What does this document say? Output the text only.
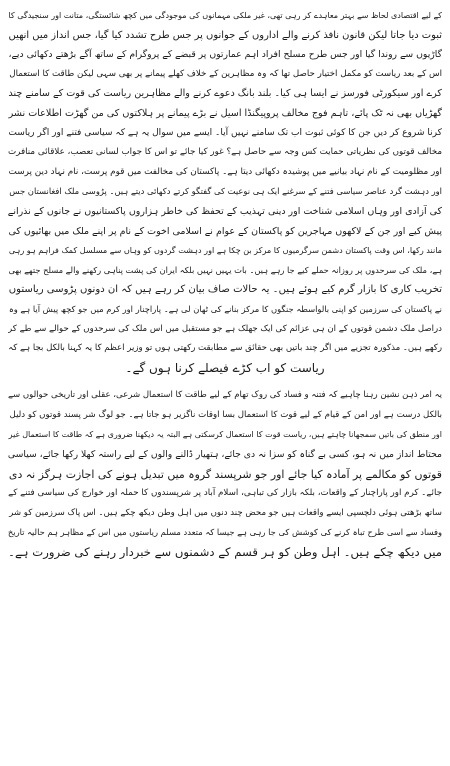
کے لیے اقتصادی لحاظ سے بہتر معاہدے کر رہی تھی، غیر ملکی مہمانوں کی موجودگی میں کچھ شائستگی، متانت اور سنجیدگی کا
ثبوت دیا جاتا لیکن قانون نافذ کرنے والے اداروں کے جوانوں پر جس طرح تشدد کیا گیا، جس انداز میں انھیں
گاڑیوں سے روندا گیا اور جس طرح مسلح افراد اہم عمارتوں پر قبضے کے پروگرام کے ساتھ آگے بڑھتے دکھائی دیے،
اس کے بعد ریاست کو مکمل اختیار حاصل تھا کہ وہ مظاہرین کے خلاف کھلے پیمانے پر بھی سہی لیکن طاقت کا استعمال
کرے اور سیکورٹی فورسز نے ایسا ہی کیا۔ بلند بانگ دعوے کرنے والے مظاہرین ریاست کی قوت کے سامنے چند
گھڑیاں بھی نہ ٹک پائے، تاہم فوج مخالف پروپیگنڈا اسیل نے بڑے پیمانے پر ہلاکتوں کی من گھڑت اطلاعات نشر
کرنا شروع کر دیں جن کا کوئی ثبوت اب تک سامنے نہیں آیا۔ ایسے میں سوال یہ ہے کہ سیاسی فتنے اور اگر ریاست
مخالف قوتوں کی نظریاتی حمایت کس وجہ سے حاصل ہے؟ غور کیا جائے تو اس کا جواب لسانی تعصب، علاقائی منافرت
اور مظلومیت کے نام نہاد بیانیے میں پوشیدہ دکھائی دیتا ہے۔ پاکستان کی مخالفت میں قوم پرست، نام نہاد دین پرست
اور دہشت گرد عناصر سیاسی فتنے کے سرغنے ایک ہی نوعیت کی گفتگو کرتے دکھائی دیتے ہیں۔ پڑوسی ملک افغانستان جس
کی آزادی اور وہاں اسلامی شناخت اور دینی تہذیب کے تحفظ کی خاطر ہزاروں پاکستانیوں نے جانوں کے نذرانے
پیش کیے اور جن کے لاکھوں مہاجرین کو پاکستان کے عوام نے اسلامی اخوت کے نام پر اپنے ملک میں بھائیوں کی
مانند رکھا، اس وقت پاکستان دشمن سرگرمیوں کا مرکز بن چکا ہے اور دہشت گردوں کو وہاں سے مسلسل کمک فراہم ہو رہی
ہے، ملک کی سرحدوں پر روزانہ حملے کیے جا رہے ہیں۔ بات یہیں نہیں بلکہ ایران کی پشت پناہی رکھنے والے مسلح جتھے بھی
تخریب کاری کا بازار گرم کیے ہوئے ہیں۔ یہ حالات صاف بیان کر رہے ہیں کہ ان دونوں پڑوسی ریاستوں
نے پاکستان کی سرزمین کو اپنی بالواسطہ جنگوں کا مرکز بنانے کی ٹھان لی ہے۔ پاراچنار اور کرم میں جو کچھ پیش آیا ہے وہ
دراصل ملک دشمن قوتوں کے ان ہی عزائم کی ایک جھلک ہے جو مستقبل میں اس ملک کی سرحدوں کے حوالے سے طے کر
رکھے ہیں۔ مذکورہ تجزیے میں اگر چند باتیں بھی حقائق سے مطابقت رکھتی ہوں تو وزیر اعظم کا یہ کہنا بالکل بجا ہے کہ
ریاست کو اب کڑے فیصلے کرنا ہوں گے۔

یہ امر ذہن نشین رہنا چاہیے کہ فتنہ و فساد کی روک تھام کے لیے طاقت کا استعمال شرعی، عقلی اور تاریخی حوالوں سے
بالکل درست ہے اور امن کے قیام کے لیے قوت کا استعمال بسا اوقات ناگزیر ہو جاتا ہے۔ جو لوگ شر پسند قوتوں کو دلیل
اور منطق کی باتیں سمجھانا چاہتے ہیں، ریاست قوت کا استعمال کرسکتی ہے البتہ یہ دیکھنا ضروری ہے کہ طاقت کا استعمال غیر
محتاط انداز میں نہ ہو، کسی بے گناہ کو سزا نہ دی جائے، ہتھیار ڈالنے والوں کے لیے راستہ کھلا رکھا جائے، سیاسی
قوتوں کو مکالمے پر آمادہ کیا جائے اور جو شرپسند گروہ میں تبدیل ہونے کی اجازت ہرگز نہ دی
جائے۔ کرم اور پاراچنار کے واقعات، بلکہ بازار کی تباہی، اسلام آباد پر شرپسندوں کا حملہ اور خوارج کی سیاسی فتنے کے
ساتھ بڑھتی ہوئی دلچسپی ایسے واقعات ہیں جو محض چند دنوں میں اہل وطن دیکھ چکے ہیں۔ اس پاک سرزمین کو شر
وفساد سے اسی طرح تباہ کرنے کی کوشش کی جا رہی ہے جیسا کہ متعدد مسلم ریاستوں میں اس کے مظاہر ہم حالیہ تاریخ
میں دیکھ چکے ہیں۔ اہل وطن کو ہر قسم کے دشمنوں سے خبردار رہنے کی ضرورت ہے۔
